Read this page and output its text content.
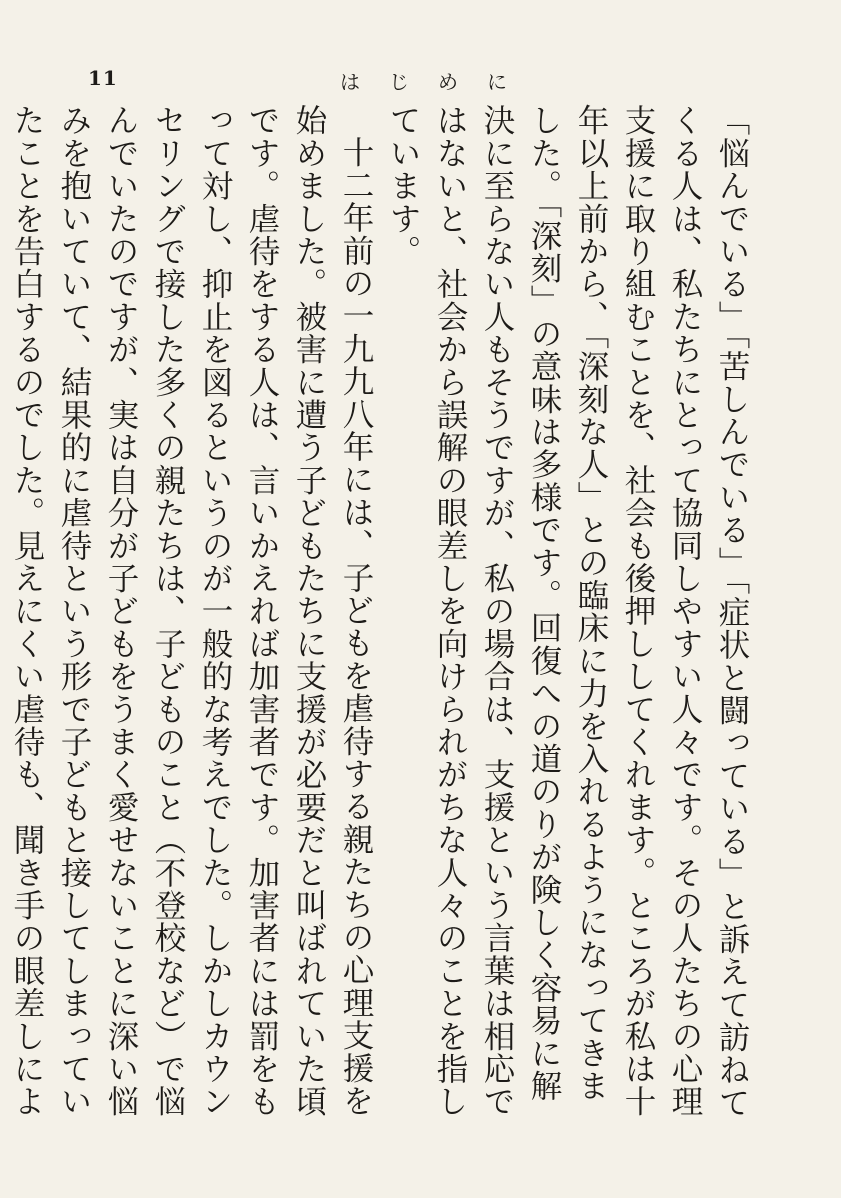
11	はじめに

「悩んでいる」「苦しんでいる」「症状と闘っている」と訴えて訪ねてくる人は、私たちにとって協同しやすい人々です。その人たちの心理支援に取り組むことを、社会も後押ししてくれます。ところが私は十年以上前から、「深刻な人」との臨床に力を入れるようになってきました。「深刻」の意味は多様です。回復への道のりが険しく容易に解決に至らない人もそうですが、私の場合は、支援という言葉は相応ではないと、社会から誤解の眼差しを向けられがちな人々のことを指しています。

十二年前の一九九八年には、子どもを虐待する親たちの心理支援を始めました。被害に遭う子どもたちに支援が必要だと叫ばれていた頃です。虐待をする人は、言いかえれば加害者です。加害者には罰をもって対し、抑止を図るというのが一般的な考えでした。しかしカウンセリングで接した多くの親たちは、子どものこと（不登校など）で悩んでいたのですが、実は自分が子どもをうまく愛せないことに深い悩みを抱いていて、結果的に虐待という形で子どもと接してしまっていたことを告白するのでした。見えにくい虐待も、聞き手の眼差しによ
